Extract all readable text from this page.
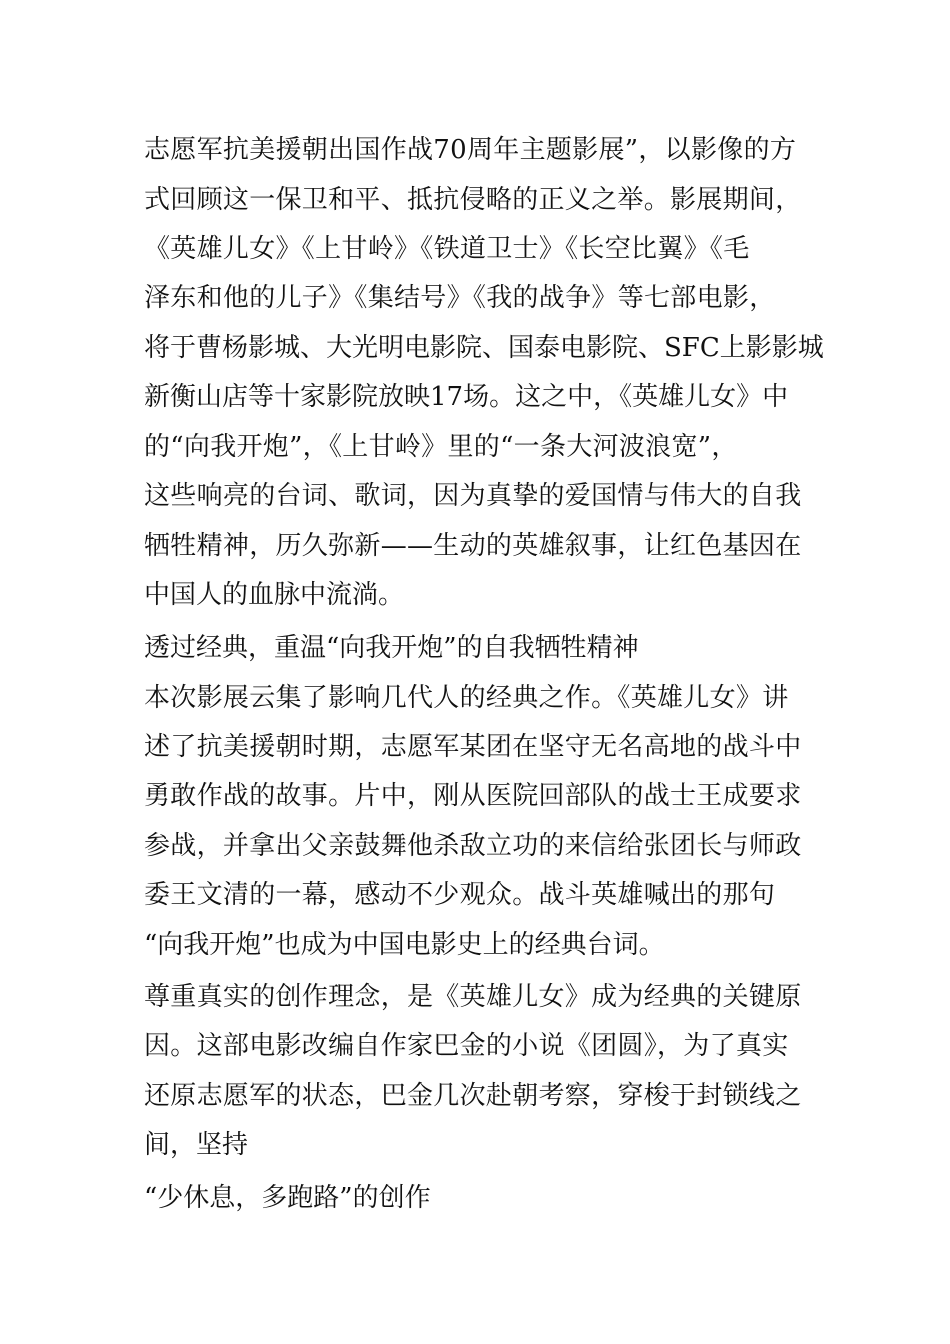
志愿军抗美援朝出国作战70周年主题影展”，以影像的方
式回顾这一保卫和平、抵抗侵略的正义之举。影展期间，
《英雄儿女》《上甘岭》《铁道卫士》《长空比翼》《毛
泽东和他的儿子》《集结号》《我的战争》等七部电影，
将于曹杨影城、大光明电影院、国泰电影院、SFC上影影城
新衡山店等十家影院放映17场。这之中，《英雄儿女》中
的“向我开炮”，《上甘岭》里的“一条大河波浪宽”，
这些响亮的台词、歌词，因为真挚的爱国情与伟大的自我
牺牲精神，历久弥新——生动的英雄叙事，让红色基因在
中国人的血脉中流淌。
透过经典，重温“向我开炮”的自我牺牲精神
本次影展云集了影响几代人的经典之作。《英雄儿女》讲
述了抗美援朝时期，志愿军某团在坚守无名高地的战斗中
勇敢作战的故事。片中，刚从医院回部队的战士王成要求
参战，并拿出父亲鼓舞他杀敌立功的来信给张团长与师政
委王文清的一幕，感动不少观众。战斗英雄喊出的那句
“向我开炮”也成为中国电影史上的经典台词。
尊重真实的创作理念，是《英雄儿女》成为经典的关键原
因。这部电影改编自作家巴金的小说《团圆》，为了真实
还原志愿军的状态，巴金几次赴朝考察，穿梭于封锁线之
间，坚持
“少休息，多跑路”的创作
